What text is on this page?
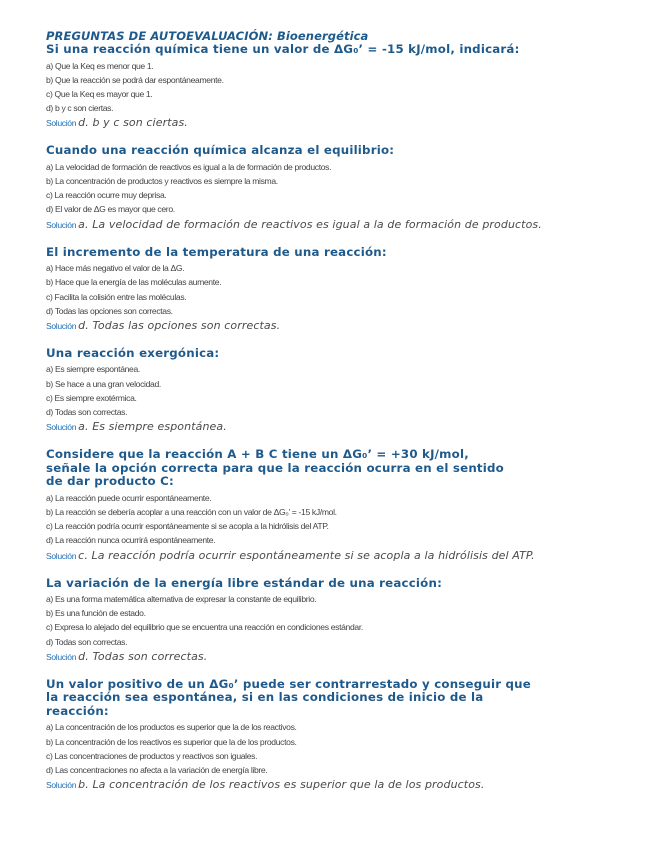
PREGUNTAS DE AUTOEVALUACIÓN: Bioenergética

Si una reacción química tiene un valor de ΔG₀’ = -15 kJ/mol, indicará:

a) Que la Keq es menor que 1.

b) Que la reacción se podrá dar espontáneamente.

c) Que la Keq es mayor que 1.

d) b y c son ciertas.

Solución d. b y c son ciertas.

Cuando una reacción química alcanza el equilibrio:

a) La velocidad de formación de reactivos es igual a la de formación de productos.

b) La concentración de productos y reactivos es siempre la misma.

c) La reacción ocurre muy deprisa.

d) El valor de ΔG es mayor que cero.

Solución a. La velocidad de formación de reactivos es igual a la de formación de productos.

El incremento de la temperatura de una reacción:

a) Hace más negativo el valor de la ΔG.

b) Hace que la energía de las moléculas aumente.

c) Facilita la colisión entre las moléculas.

d) Todas las opciones son correctas.

Solución d. Todas las opciones son correctas.

Una reacción exergónica:

a) Es siempre espontánea.

b) Se hace a una gran velocidad.

c) Es siempre exotérmica.

d) Todas son correctas.

Solución a. Es siempre espontánea.

Considere que la reacción A + B C tiene un ΔG₀’ = +30 kJ/mol, señale la opción correcta para que la reacción ocurra en el sentido de dar producto C:

a) La reacción puede ocurrir espontáneamente.

b) La reacción se debería acoplar a una reacción con un valor de ΔG₀’ = -15 kJ/mol.

c) La reacción podría ocurrir espontáneamente si se acopla a la hidrólisis del ATP.

d) La reacción nunca ocurrirá espontáneamente.

Solución c. La reacción podría ocurrir espontáneamente si se acopla a la hidrólisis del ATP.

La variación de la energía libre estándar de una reacción:

a) Es una forma matemática alternativa de expresar la constante de equilibrio.

b) Es una función de estado.

c) Expresa lo alejado del equilibrio que se encuentra una reacción en condiciones estándar.

d) Todas son correctas.

Solución d. Todas son correctas.

Un valor positivo de un ΔG₀’ puede ser contrarrestado y conseguir que la reacción sea espontánea, si en las condiciones de inicio de la reacción:

a) La concentración de los productos es superior que la de los reactivos.

b) La concentración de los reactivos es superior que la de los productos.

c) Las concentraciones de productos y reactivos son iguales.

d) Las concentraciones no afecta a la variación de energía libre.

Solución b. La concentración de los reactivos es superior que la de los productos.
